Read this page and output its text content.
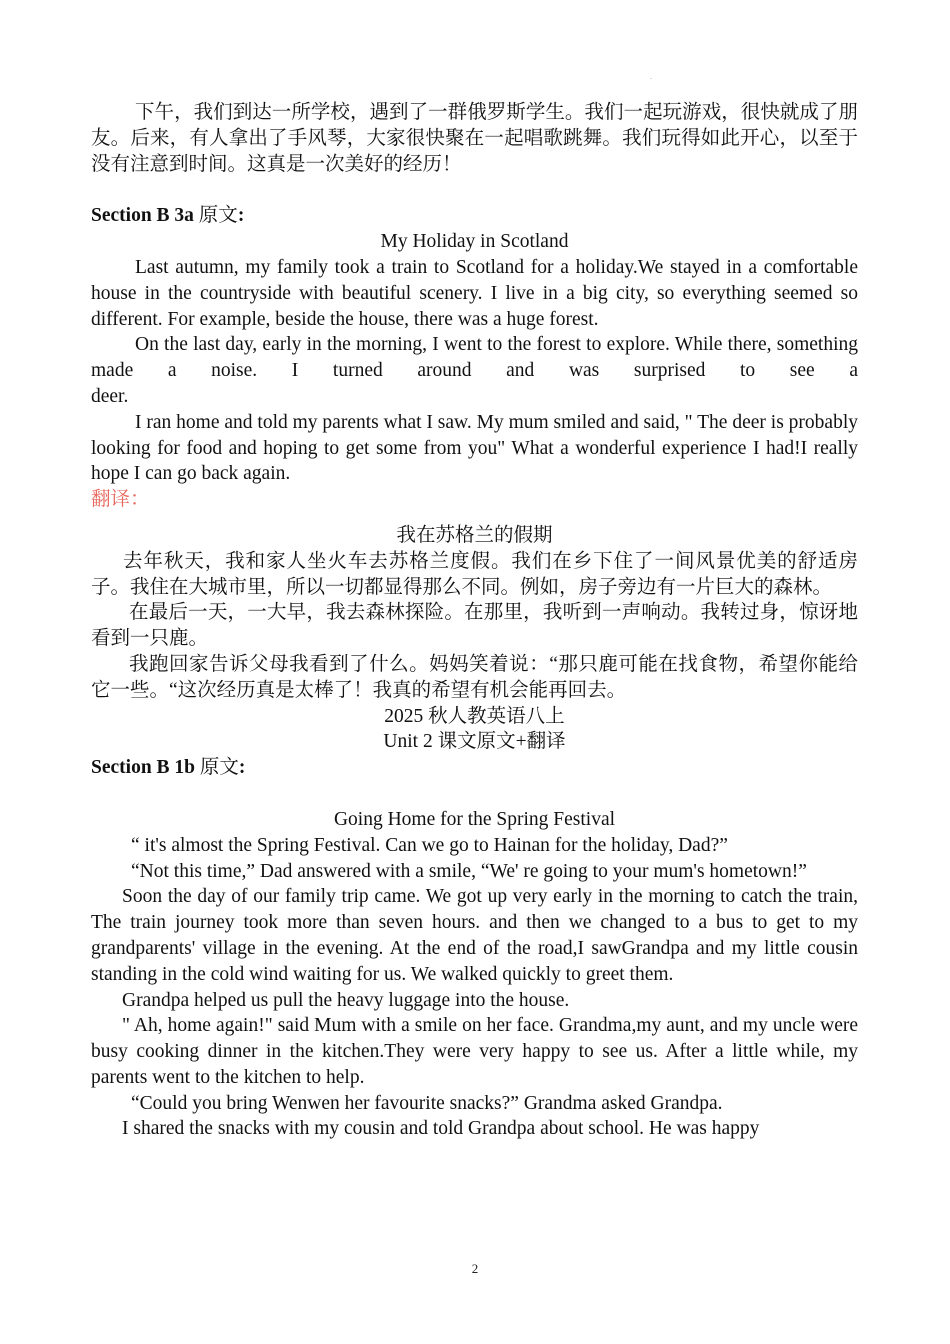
.

下午，我们到达一所学校，遇到了一群俄罗斯学生。我们一起玩游戏，很快就成了朋友。后来，有人拿出了手风琴，大家很快聚在一起唱歌跳舞。我们玩得如此开心，以至于没有注意到时间。这真是一次美好的经历！

Section B 3a 原文:

My Holiday in Scotland

Last autumn, my family took a train to Scotland for a holiday.We stayed in a comfortable house in the countryside with beautiful scenery. I live in a big city, so everything seemed so different. For example, beside the house, there was a huge forest.

On the last day, early in the morning, I went to the forest to explore. While there, something made a noise. I turned around and was surprised to see a

deer.

I ran home and told my parents what I saw. My mum smiled and said, " The deer is probably looking for food and hoping to get some from you" What a wonderful experience I had!I really hope I can go back again.

翻译：

我在苏格兰的假期

去年秋天，我和家人坐火车去苏格兰度假。我们在乡下住了一间风景优美的舒适房子。我住在大城市里，所以一切都显得那么不同。例如，房子旁边有一片巨大的森林。

在最后一天，一大早，我去森林探险。在那里，我听到一声响动。我转过身，惊讶地看到一只鹿。

我跑回家告诉父母我看到了什么。妈妈笑着说：“那只鹿可能在找食物，希望你能给它一些。“这次经历真是太棒了！我真的希望有机会能再回去。

2025 秋人教英语八上

Unit 2 课文原文+翻译

Section B 1b 原文:

Going Home for the Spring Festival

“ it's almost the Spring Festival. Can we go to Hainan for the holiday, Dad?”

“Not this time,” Dad answered with a smile, “We' re going to your mum's hometown!”

Soon the day of our family trip came. We got up very early in the morning to catch the train, The train journey took more than seven hours. and then we changed to a bus to get to my grandparents' village in the evening. At the end of the road,I sawGrandpa and my little cousin standing in the cold wind waiting for us. We walked quickly to greet them.

Grandpa helped us pull the heavy luggage into the house.

" Ah, home again!" said Mum with a smile on her face. Grandma,my aunt, and my uncle were busy cooking dinner in the kitchen.They were very happy to see us. After a little while, my parents went to the kitchen to help.

“Could you bring Wenwen her favourite snacks?” Grandma asked Grandpa.

I shared the snacks with my cousin and told Grandpa about school. He was happy

2
